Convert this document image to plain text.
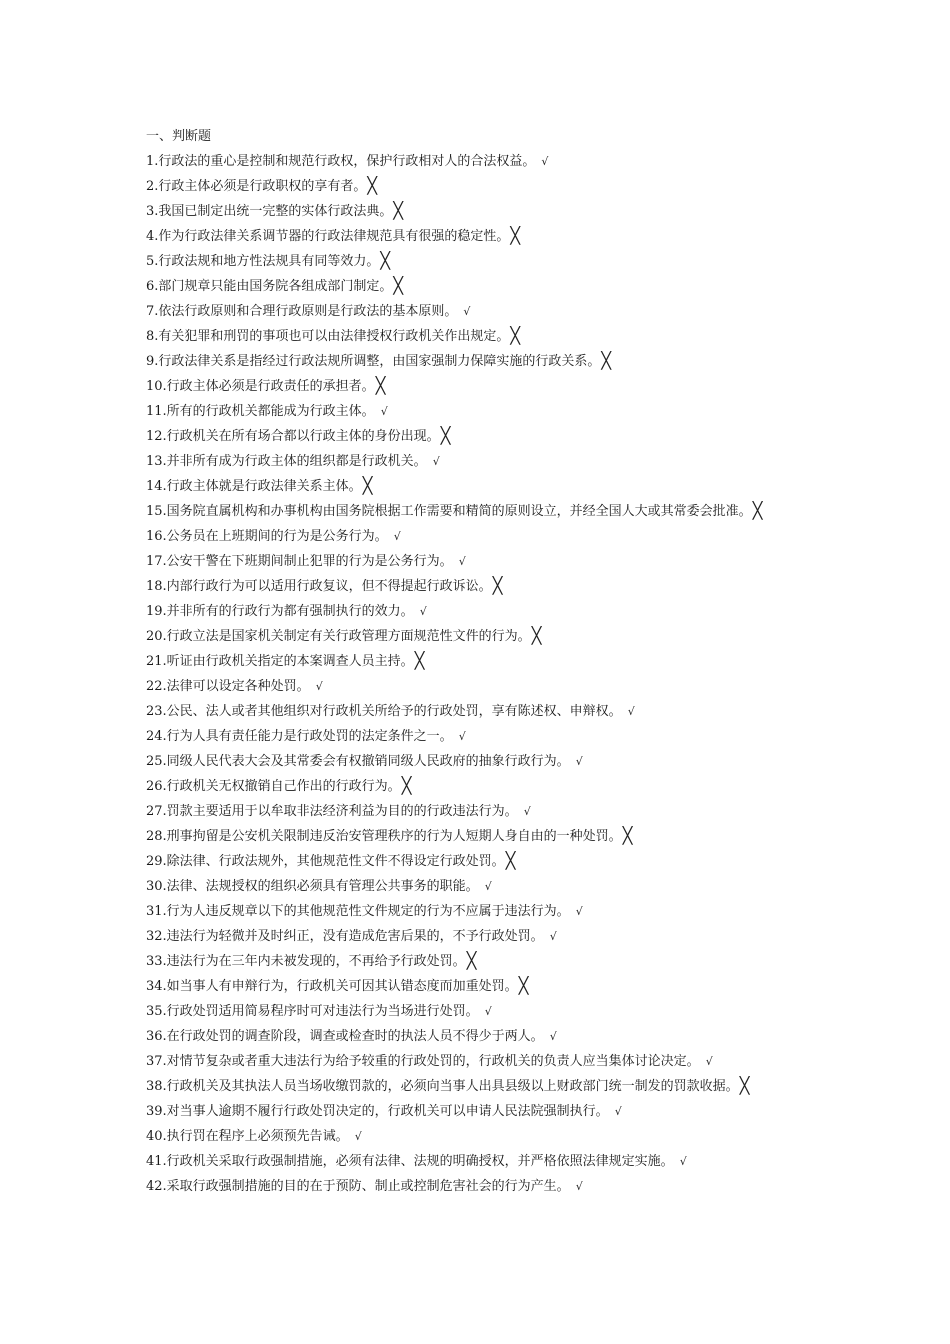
一、判断题

1.行政法的重心是控制和规范行政权，保护行政相对人的合法权益。 √

2.行政主体必须是行政职权的享有者。╳

3.我国已制定出统一完整的实体行政法典。╳

4.作为行政法律关系调节器的行政法律规范具有很强的稳定性。╳

5.行政法规和地方性法规具有同等效力。╳

6.部门规章只能由国务院各组成部门制定。╳

7.依法行政原则和合理行政原则是行政法的基本原则。 √

8.有关犯罪和刑罚的事项也可以由法律授权行政机关作出规定。╳

9.行政法律关系是指经过行政法规所调整，由国家强制力保障实施的行政关系。╳

10.行政主体必须是行政责任的承担者。╳

11.所有的行政机关都能成为行政主体。 √

12.行政机关在所有场合都以行政主体的身份出现。╳

13.并非所有成为行政主体的组织都是行政机关。 √

14.行政主体就是行政法律关系主体。╳

15.国务院直属机构和办事机构由国务院根据工作需要和精简的原则设立，并经全国人大或其常委会批准。╳

16.公务员在上班期间的行为是公务行为。 √

17.公安干警在下班期间制止犯罪的行为是公务行为。 √

18.内部行政行为可以适用行政复议，但不得提起行政诉讼。╳

19.并非所有的行政行为都有强制执行的效力。 √

20.行政立法是国家机关制定有关行政管理方面规范性文件的行为。╳

21.听证由行政机关指定的本案调查人员主持。╳

22.法律可以设定各种处罚。 √

23.公民、法人或者其他组织对行政机关所给予的行政处罚，享有陈述权、申辩权。 √

24.行为人具有责任能力是行政处罚的法定条件之一。 √

25.同级人民代表大会及其常委会有权撤销同级人民政府的抽象行政行为。 √

26.行政机关无权撤销自己作出的行政行为。╳

27.罚款主要适用于以牟取非法经济利益为目的的行政违法行为。 √

28.刑事拘留是公安机关限制违反治安管理秩序的行为人短期人身自由的一种处罚。╳

29.除法律、行政法规外，其他规范性文件不得设定行政处罚。╳

30.法律、法规授权的组织必须具有管理公共事务的职能。 √

31.行为人违反规章以下的其他规范性文件规定的行为不应属于违法行为。 √

32.违法行为轻微并及时纠正，没有造成危害后果的，不予行政处罚。 √

33.违法行为在三年内未被发现的，不再给予行政处罚。╳

34.如当事人有申辩行为，行政机关可因其认错态度而加重处罚。╳

35.行政处罚适用简易程序时可对违法行为当场进行处罚。 √

36.在行政处罚的调查阶段，调查或检查时的执法人员不得少于两人。 √

37.对情节复杂或者重大违法行为给予较重的行政处罚的，行政机关的负责人应当集体讨论决定。 √

38.行政机关及其执法人员当场收缴罚款的，必须向当事人出具县级以上财政部门统一制发的罚款收据。╳

39.对当事人逾期不履行行政处罚决定的，行政机关可以申请人民法院强制执行。 √

40.执行罚在程序上必须预先告诫。 √

41.行政机关采取行政强制措施，必须有法律、法规的明确授权，并严格依照法律规定实施。 √

42.采取行政强制措施的目的在于预防、制止或控制危害社会的行为产生。 √
